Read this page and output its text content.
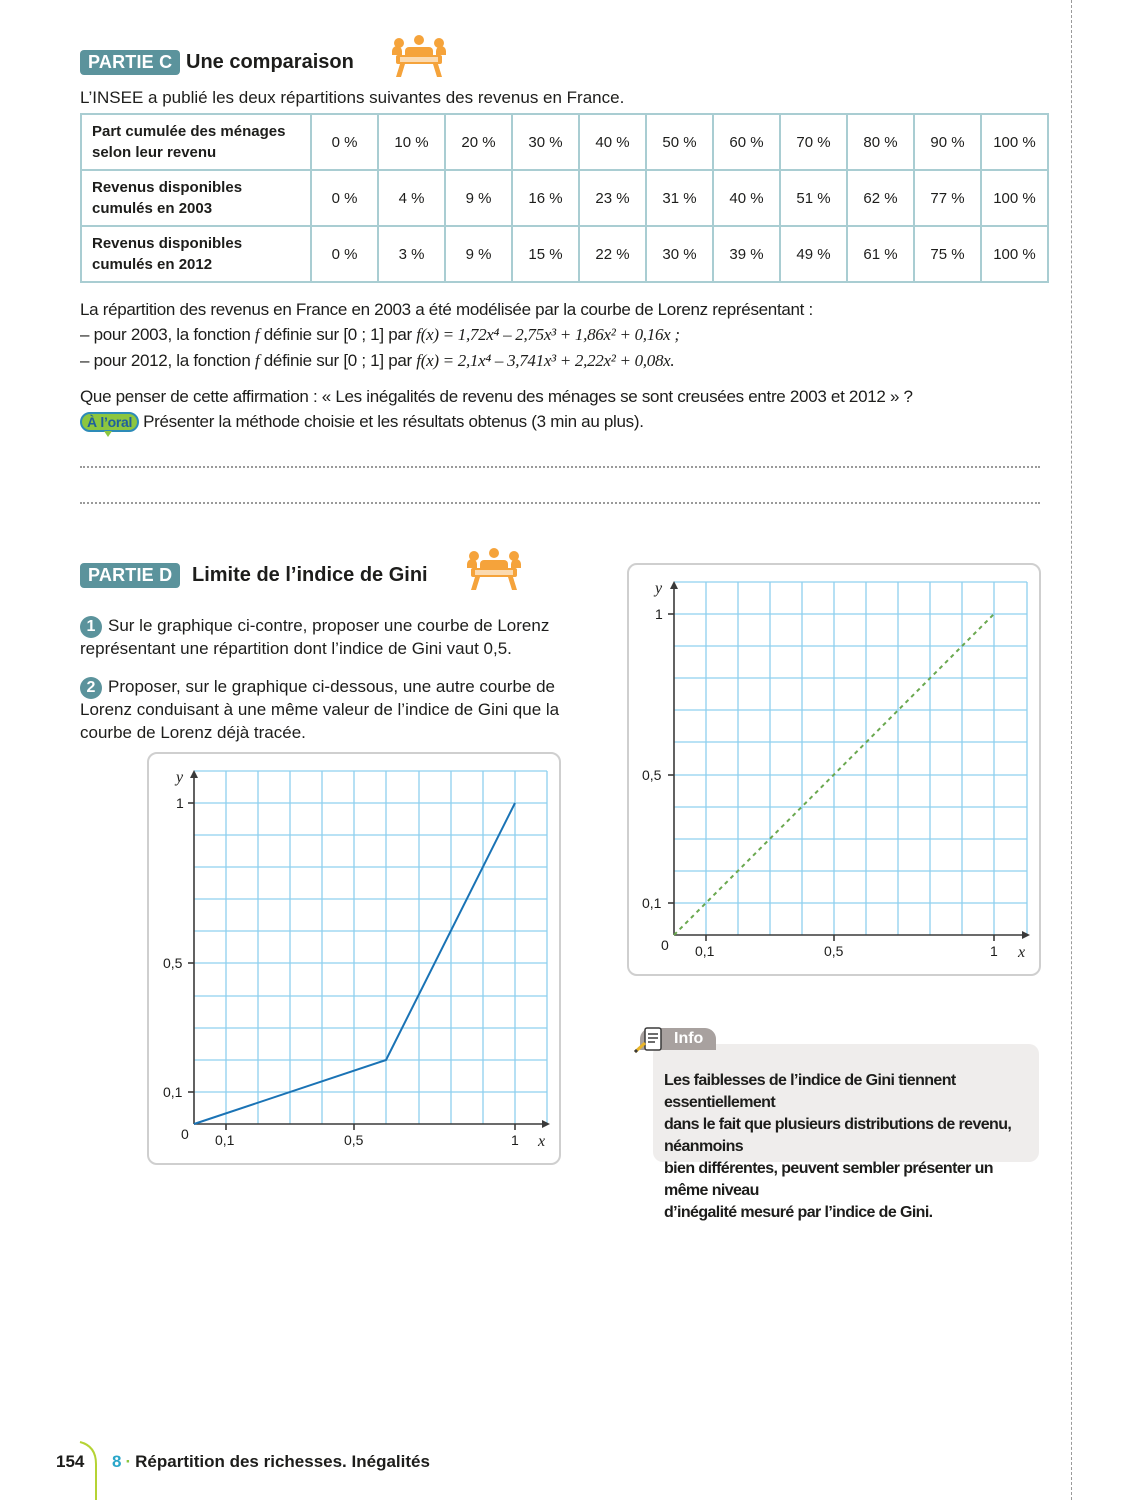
PARTIE C Une comparaison
L’INSEE a publié les deux répartitions suivantes des revenus en France.
Part cumulée des ménages
selon leur revenu	0 %	10 %	20 %	30 %	40 %	50 %	60 %	70 %	80 %	90 %	100 %
Revenus disponibles
cumulés en 2003	0 %	4 %	9 %	16 %	23 %	31 %	40 %	51 %	62 %	77 %	100 %
Revenus disponibles
cumulés en 2012	0 %	3 %	9 %	15 %	22 %	30 %	39 %	49 %	61 %	75 %	100 %
La répartition des revenus en France en 2003 a été modélisée par la courbe de Lorenz représentant :
– pour 2003, la fonction f définie sur [0 ; 1] par f(x) = 1,72x⁴ – 2,75x³ + 1,86x² + 0,16x ;
– pour 2012, la fonction f définie sur [0 ; 1] par f(x) = 2,1x⁴ – 3,741x³ + 2,22x² + 0,08x.
Que penser de cette affirmation : « Les inégalités de revenu des ménages se sont creusées entre 2003 et 2012 » ?
À l’oral Présenter la méthode choisie et les résultats obtenus (3 min au plus).
PARTIE D Limite de l’indice de Gini
1 Sur le graphique ci-contre, proposer une courbe de Lorenz
représentant une répartition dont l’indice de Gini vaut 0,5.
2 Proposer, sur le graphique ci-dessous, une autre courbe de
Lorenz conduisant à une même valeur de l’indice de Gini que la
courbe de Lorenz déjà tracée.
y
1
0,5
0,1
0 0,1	0,5	1 x
y
1
0,5
0,1
0 0,1	0,5	1 x
Info
Les faiblesses de l’indice de Gini tiennent essentiellement
dans le fait que plusieurs distributions de revenu, néanmoins
bien différentes, peuvent sembler présenter un même niveau
d’inégalité mesuré par l’indice de Gini.
154 8 · Répartition des richesses. Inégalités
